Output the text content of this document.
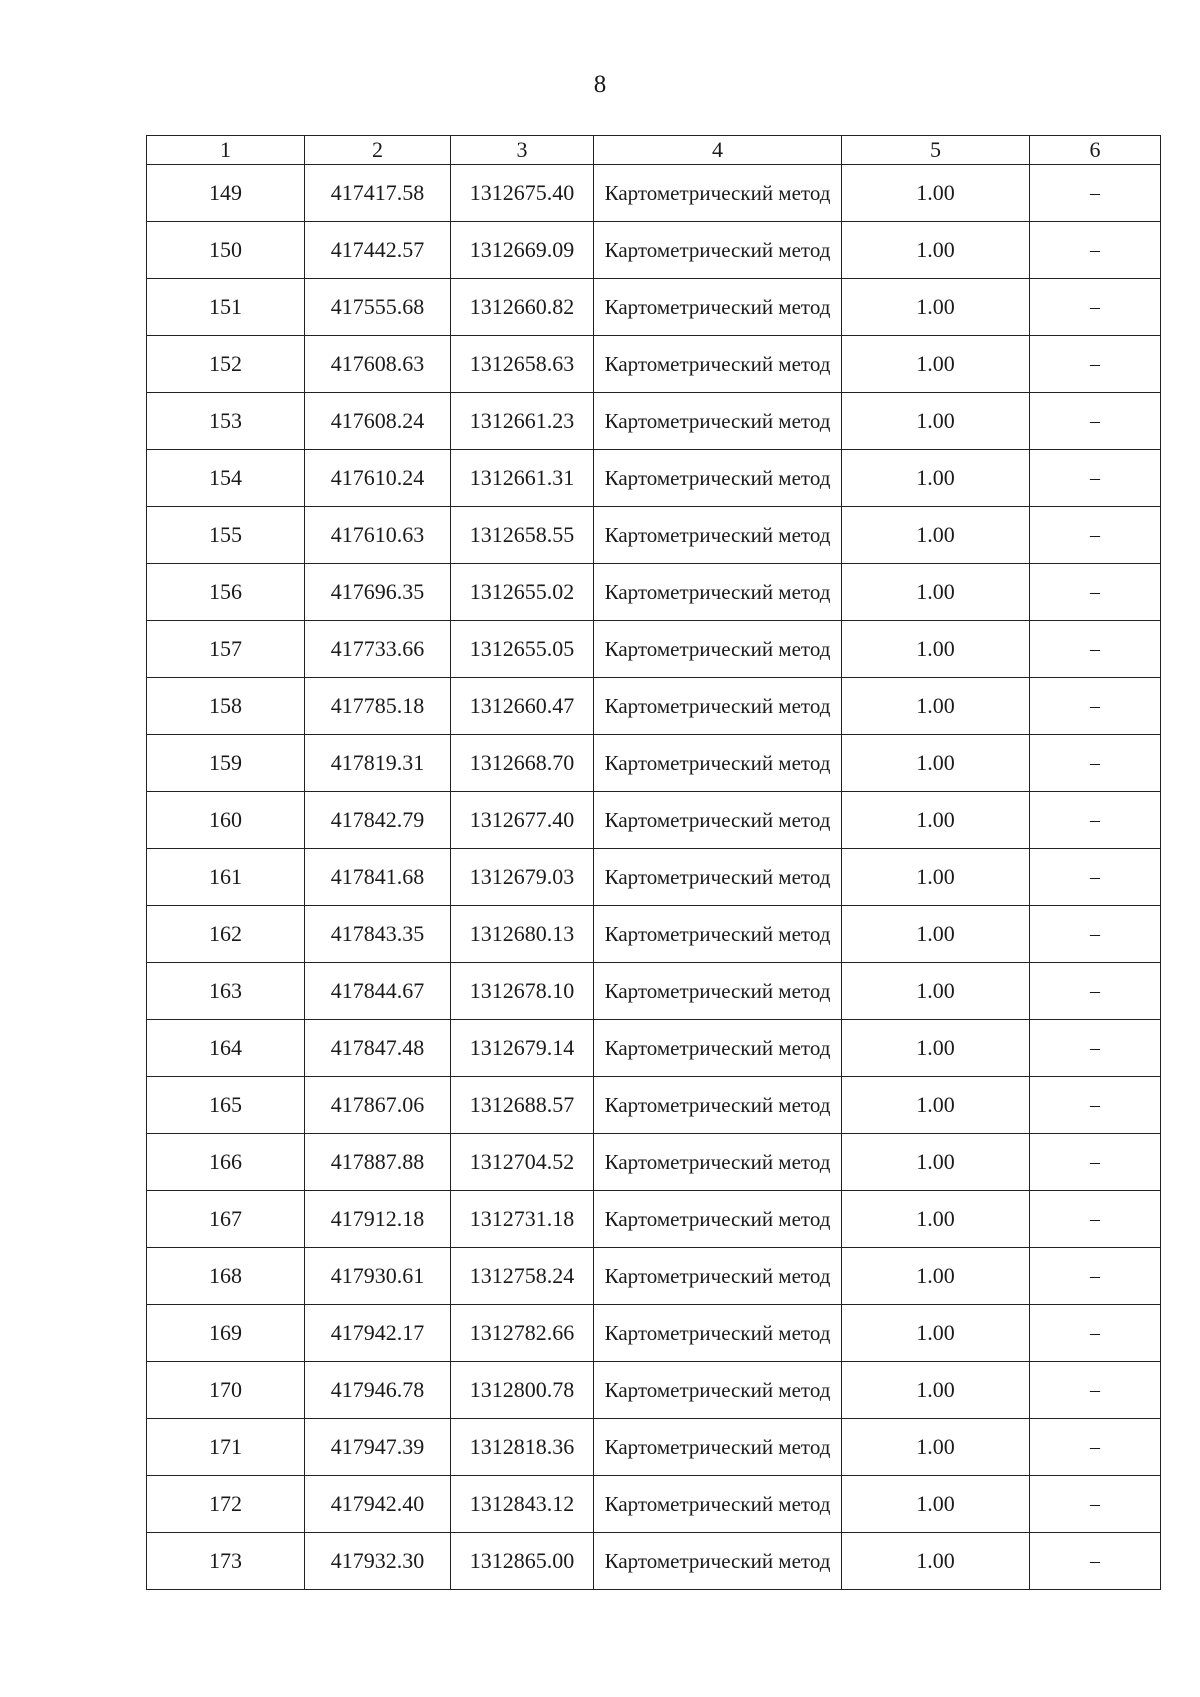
8
1	2	3	4	5	6
149	417417.58	1312675.40	Картометрический метод	1.00	–
150	417442.57	1312669.09	Картометрический метод	1.00	–
151	417555.68	1312660.82	Картометрический метод	1.00	–
152	417608.63	1312658.63	Картометрический метод	1.00	–
153	417608.24	1312661.23	Картометрический метод	1.00	–
154	417610.24	1312661.31	Картометрический метод	1.00	–
155	417610.63	1312658.55	Картометрический метод	1.00	–
156	417696.35	1312655.02	Картометрический метод	1.00	–
157	417733.66	1312655.05	Картометрический метод	1.00	–
158	417785.18	1312660.47	Картометрический метод	1.00	–
159	417819.31	1312668.70	Картометрический метод	1.00	–
160	417842.79	1312677.40	Картометрический метод	1.00	–
161	417841.68	1312679.03	Картометрический метод	1.00	–
162	417843.35	1312680.13	Картометрический метод	1.00	–
163	417844.67	1312678.10	Картометрический метод	1.00	–
164	417847.48	1312679.14	Картометрический метод	1.00	–
165	417867.06	1312688.57	Картометрический метод	1.00	–
166	417887.88	1312704.52	Картометрический метод	1.00	–
167	417912.18	1312731.18	Картометрический метод	1.00	–
168	417930.61	1312758.24	Картометрический метод	1.00	–
169	417942.17	1312782.66	Картометрический метод	1.00	–
170	417946.78	1312800.78	Картометрический метод	1.00	–
171	417947.39	1312818.36	Картометрический метод	1.00	–
172	417942.40	1312843.12	Картометрический метод	1.00	–
173	417932.30	1312865.00	Картометрический метод	1.00	–
